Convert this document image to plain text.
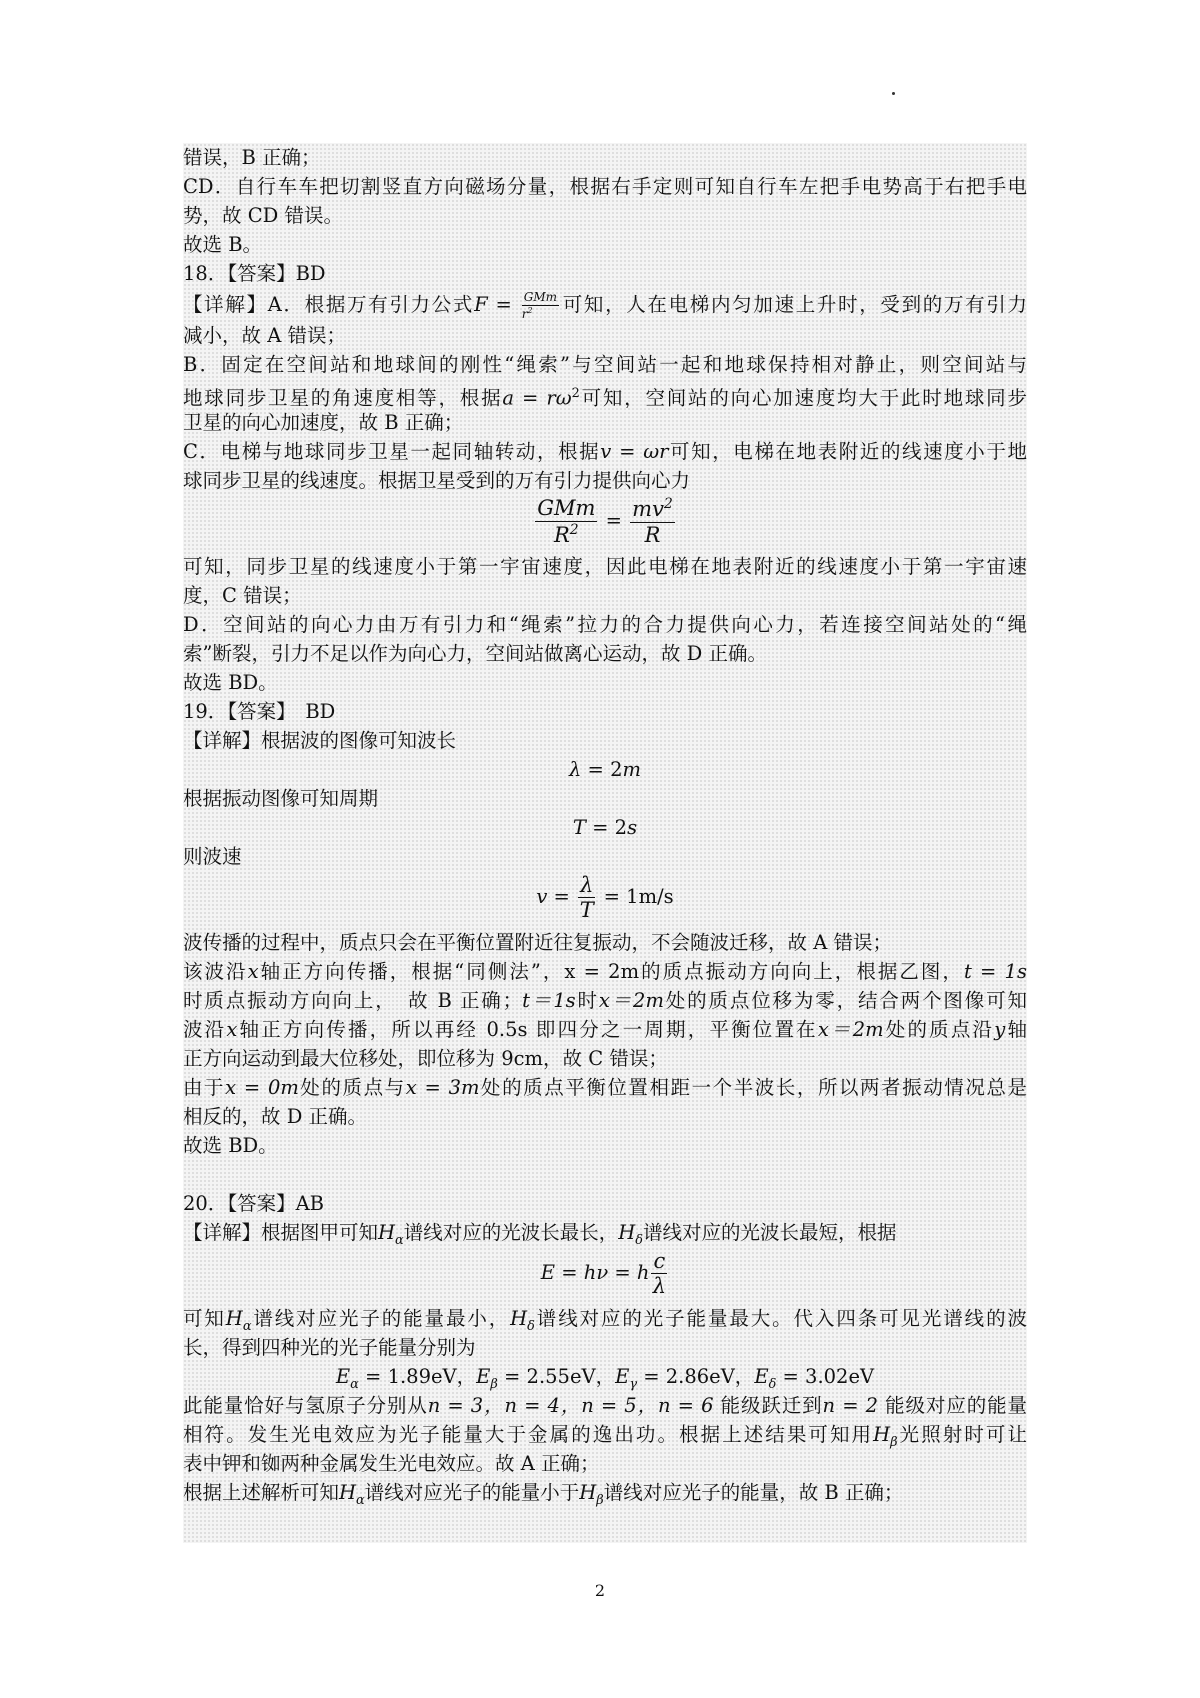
错误，B 正确；
CD．自行车车把切割竖直方向磁场分量，根据右手定则可知自行车左把手电势高于右把手电
势，故 CD 错误。
故选 B。
18．【答案】BD
【详解】A．根据万有引力公式$F = \frac{\text{GMm}}{r^2}$ 可知，人在电梯内匀加速上升时，受到的万有引力
减小，故 A 错误；
B．固定在空间站和地球间的刚性“绳索”与空间站一起和地球保持相对静止，则空间站与
地球同步卫星的角速度相等，根据$a = r\omega^2$可知，空间站的向心加速度均大于此时地球同步
卫星的向心加速度，故 B 正确；
C．电梯与地球同步卫星一起同轴转动，根据v = ωr可知，电梯在地表附近的线速度小于地
球同步卫星的线速度。根据卫星受到的万有引力提供向心力
$\frac{\text{GMm}}{R^2} = \frac{mv^2}{R}$
可知，同步卫星的线速度小于第一宇宙速度，因此电梯在地表附近的线速度小于第一宇宙速
度，C 错误；
D．空间站的向心力由万有引力和“绳索”拉力的合力提供向心力，若连接空间站处的“绳
索”断裂，引力不足以作为向心力，空间站做离心运动，故 D 正确。
故选 BD。
19．【答案】　BD
【详解】根据波的图像可知波长
λ = 2m
根据振动图像可知周期
T = 2s
则波速
$v = \frac{\lambda}{T} = 1m/s$
波传播的过程中，质点只会在平衡位置附近往复振动，不会随波迁移，故 A 错误；
该波沿x轴正方向传播，根据“同侧法”，x = 2m的质点振动方向向上，根据乙图，t = 1s
时质点振动方向向上，　故 B 正确；t＝1s时x＝2m处的质点位移为零，结合两个图像可知
波沿x轴正方向传播，所以再经 0.5s 即四分之一周期，平衡位置在x＝2m处的质点沿y轴
正方向运动到最大位移处，即位移为 9cm，故 C 错误；
由于x = 0m处的质点与x = 3m处的质点平衡位置相距一个半波长，所以两者振动情况总是
相反的，故 D 正确。
故选 BD。
20．【答案】AB
【详解】根据图甲可知$H_\alpha$谱线对应的光波长最长，$H_\delta$谱线对应的光波长最短，根据
E = hν = h $\frac{c}{\lambda}$
可知$H_\alpha$谱线对应光子的能量最小，$H_\delta$谱线对应的光子能量最大。代入四条可见光谱线的波
长，得到四种光的光子能量分别为
$E_\alpha = 1.89eV$，$E_\beta = 2.55eV$，$E_\gamma = 2.86eV$，$E_\delta = 3.02eV$
此能量恰好与氢原子分别从n = 3，n = 4，n = 5，n = 6 能级跃迁到n = 2 能级对应的能量
相符。发生光电效应为光子能量大于金属的逸出功。根据上述结果可知用$H_\beta$光照射时可让
表中钾和铷两种金属发生光电效应。故 A 正确；
根据上述解析可知$H_\alpha$谱线对应光子的能量小于$H_\beta$谱线对应光子的能量，故 B 正确；
2
